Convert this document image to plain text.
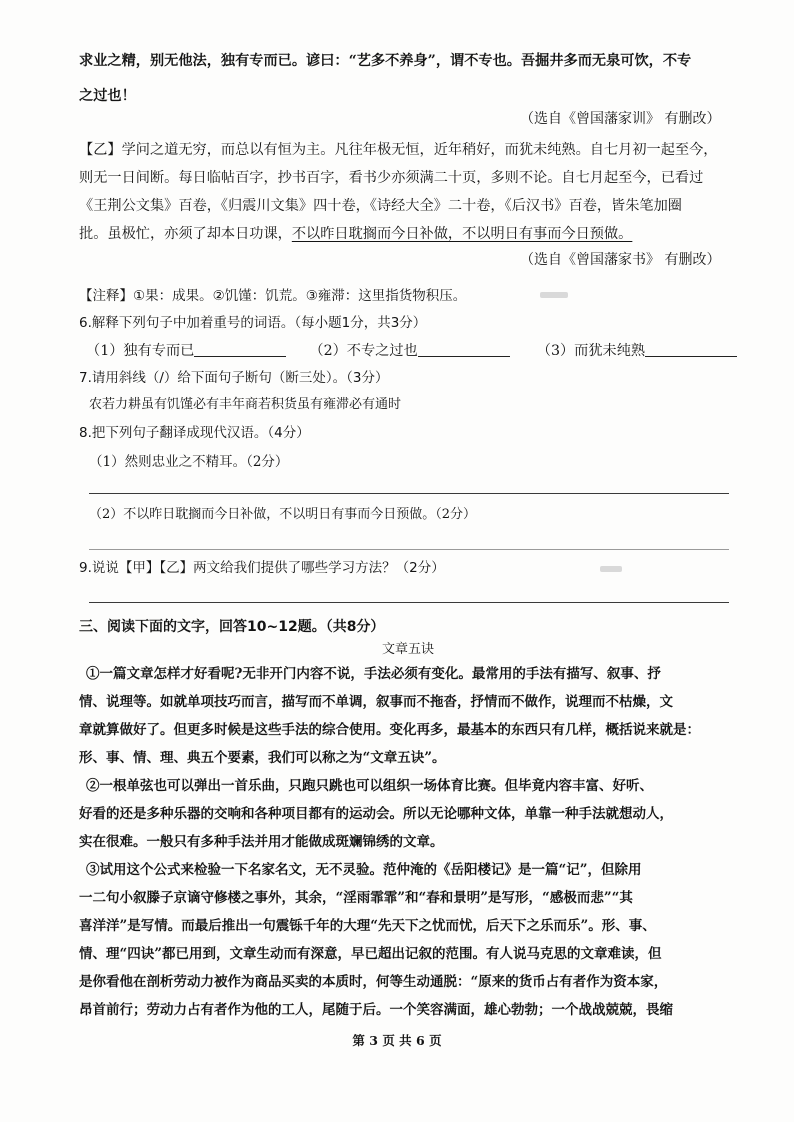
求业之精，别无他法，独有专而已。谚曰：“艺多不养身”，谓不专也。吾掘井多而无泉可饮，不专
之过也！
（选自《曾国藩家训》 有删改）
【乙】学问之道无穷，而总以有恒为主。凡往年极无恒，近年稍好，而犹未纯熟。自七月初一起至今，
则无一日间断。每日临帖百字，抄书百字，看书少亦须满二十页，多则不论。自七月起至今，已看过
《王荆公文集》百卷，《归震川文集》四十卷，《诗经大全》二十卷，《后汉书》百卷，皆朱笔加圈
批。虽极忙，亦须了却本日功课，不以昨日耽搁而今日补做，不以明日有事而今日预做。
（选自《曾国藩家书》 有删改）
【注释】①果：成果。②饥馑：饥荒。③雍滞：这里指货物积压。
6.解释下列句子中加着重号的词语。（每小题1分，共3分）
（1）独有专而已	（2）不专之过也	（3）而犹未纯熟
7.请用斜线（/）给下面句子断句（断三处）。（3分）
农若力耕虽有饥馑必有丰年商若积货虽有雍滞必有通时
8.把下列句子翻译成现代汉语。（4分）
（1）然则忠业之不精耳。（2分）
（2）不以昨日耽搁而今日补做，不以明日有事而今日预做。（2分）
9.说说【甲】【乙】两文给我们提供了哪些学习方法？（2分）
三、阅读下面的文字，回答10~12题。（共8分）
文章五诀
①一篇文章怎样才好看呢?无非开门内容不说，手法必须有变化。最常用的手法有描写、叙事、抒
情、说理等。如就单项技巧而言，描写而不单调，叙事而不拖沓，抒情而不做作，说理而不枯燥，文
章就算做好了。但更多时候是这些手法的综合使用。变化再多，最基本的东西只有几样，概括说来就是：
形、事、情、理、典五个要素，我们可以称之为“文章五诀”。
②一根单弦也可以弹出一首乐曲，只跑只跳也可以组织一场体育比赛。但毕竟内容丰富、好听、
好看的还是多种乐器的交响和各种项目都有的运动会。所以无论哪种文体，单靠一种手法就想动人，
实在很难。一般只有多种手法并用才能做成斑斓锦绣的文章。
③试用这个公式来检验一下名家名文，无不灵验。范仲淹的《岳阳楼记》是一篇“记”，但除用
一二句小叙滕子京谪守修楼之事外，其余，“淫雨霏霏”和“春和景明”是写形，“感极而悲”“其
喜洋洋”是写情。而最后推出一句震铄千年的大理“先天下之忧而忧，后天下之乐而乐”。形、事、
情、理“四诀”都已用到，文章生动而有深意，早已超出记叙的范围。有人说马克思的文章难读，但
是你看他在剖析劳动力被作为商品买卖的本质时，何等生动通脱：“原来的货币占有者作为资本家，
昂首前行；劳动力占有者作为他的工人，尾随于后。一个笑容满面，雄心勃勃；一个战战兢兢，畏缩
第 3 页 共 6 页
